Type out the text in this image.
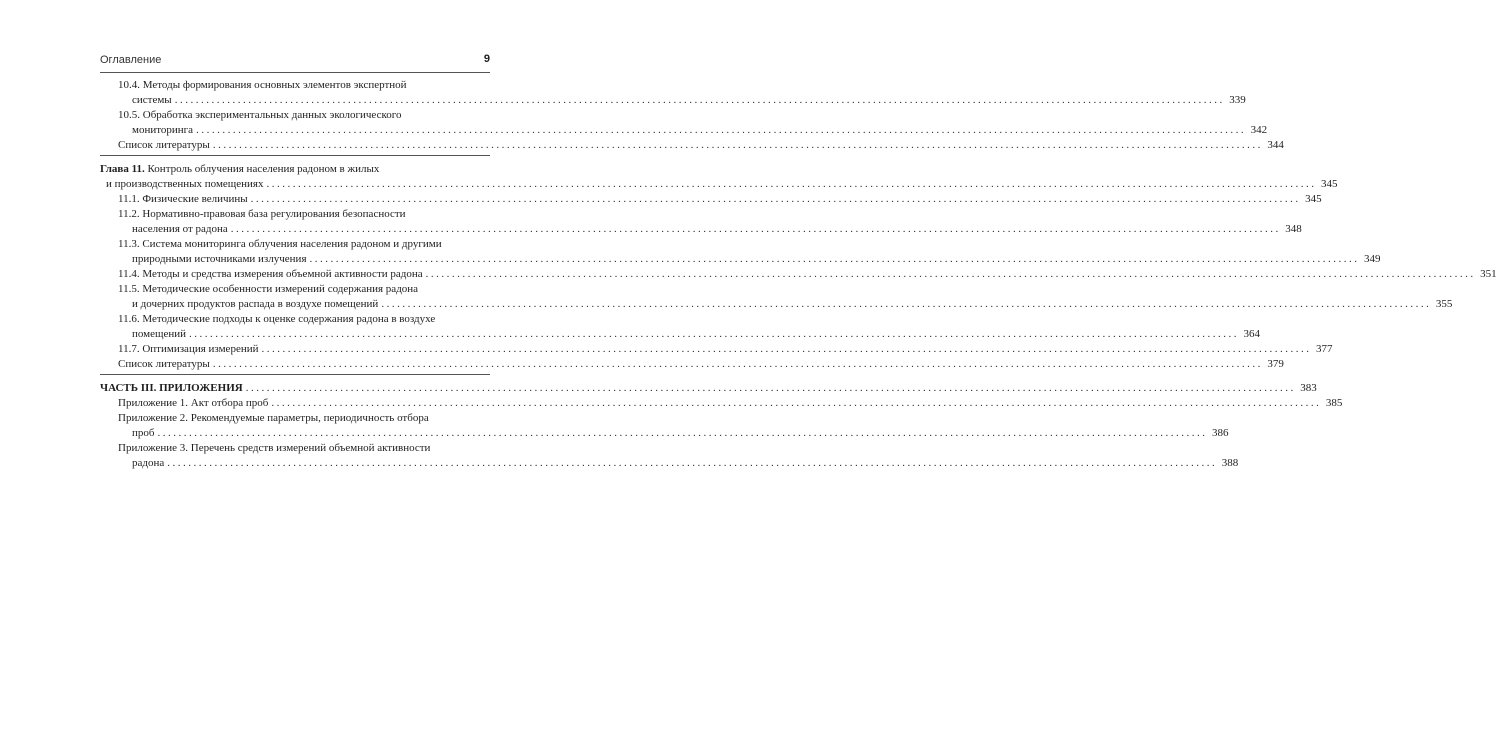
Оглавление	9
10.4. Методы формирования основных элементов экспертной
системы ........................................................................................................................................................................................................ 339
10.5. Обработка экспериментальных данных экологического
мониторинга ........................................................................................................................................................................................................ 342
Список литературы ........................................................................................................................................................................................................ 344
Глава 11. Контроль облучения населения радоном в жилых
и производственных помещениях ........................................................................................................................................................................................................ 345
11.1. Физические величины ........................................................................................................................................................................................................ 345
11.2. Нормативно-правовая база регулирования безопасности
населения от радона ........................................................................................................................................................................................................ 348
11.3. Система мониторинга облучения населения радоном и другими
природными источниками излучения ........................................................................................................................................................................................................ 349
11.4. Методы и средства измерения объемной активности радона ........................................................................................................................................................................................................ 351
11.5. Методические особенности измерений содержания радона
и дочерних продуктов распада в воздухе помещений ........................................................................................................................................................................................................ 355
11.6. Методические подходы к оценке содержания радона в воздухе
помещений ........................................................................................................................................................................................................ 364
11.7. Оптимизация измерений ........................................................................................................................................................................................................ 377
Список литературы ........................................................................................................................................................................................................ 379
ЧАСТЬ III. ПРИЛОЖЕНИЯ ........................................................................................................................................................................................................ 383
Приложение 1. Акт отбора проб ........................................................................................................................................................................................................ 385
Приложение 2. Рекомендуемые параметры, периодичность отбора
проб ........................................................................................................................................................................................................ 386
Приложение 3. Перечень средств измерений объемной активности
радона ........................................................................................................................................................................................................ 388
